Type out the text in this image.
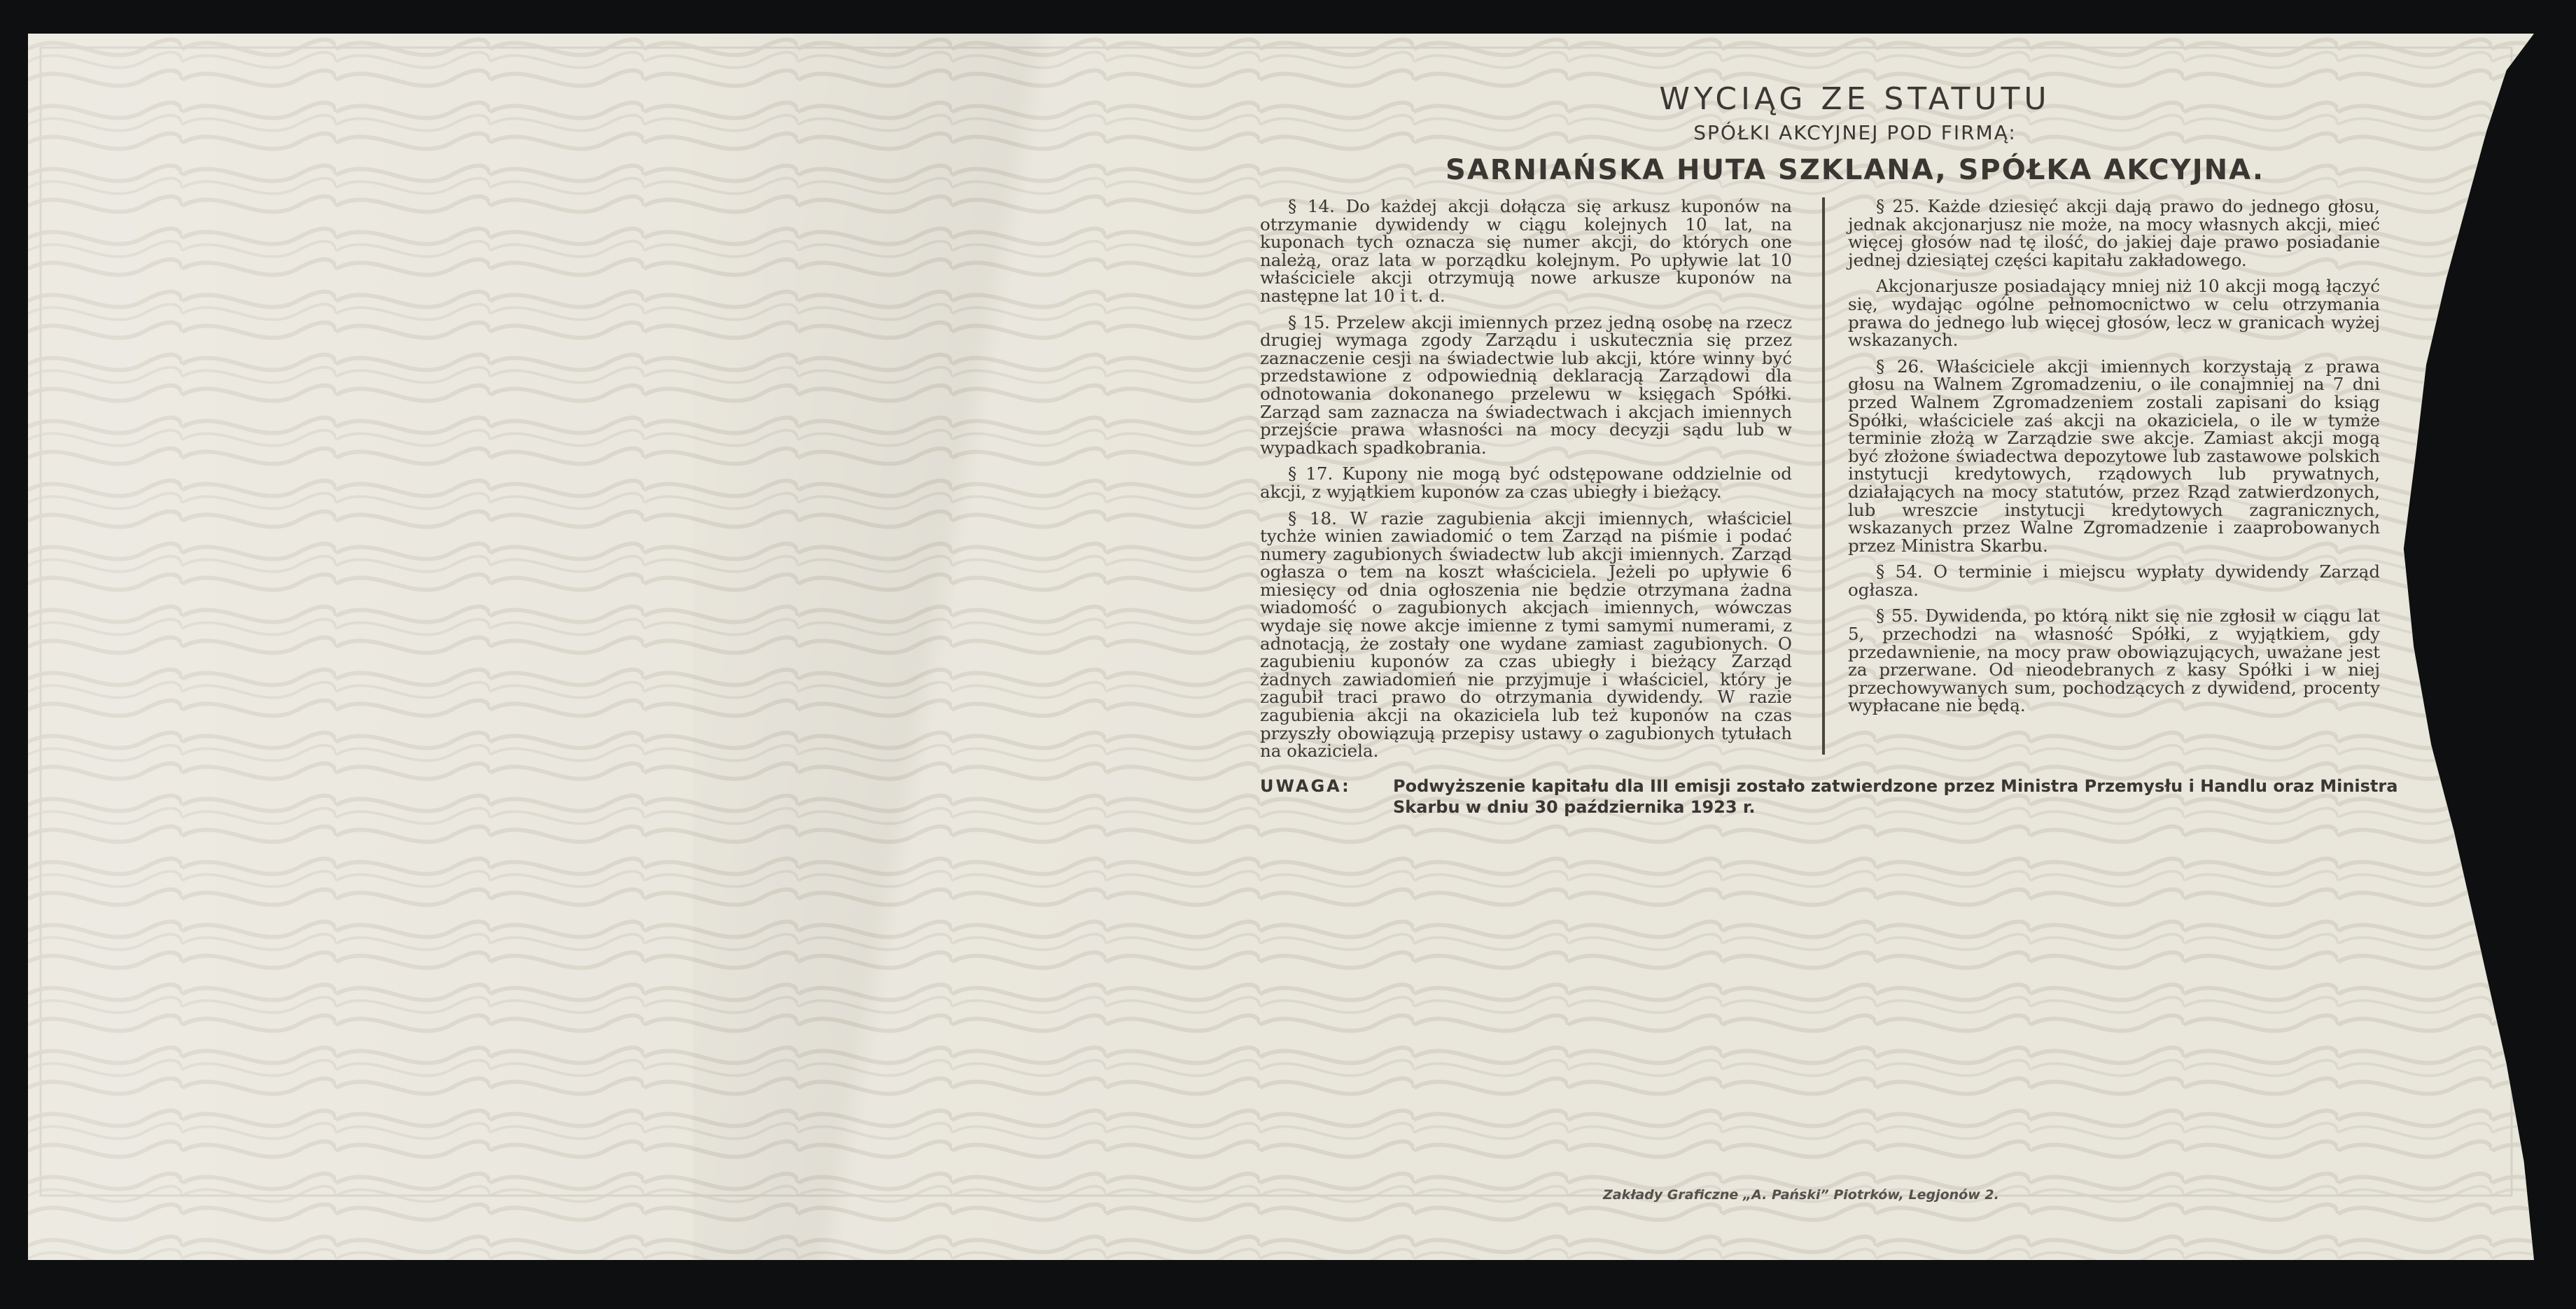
WYCIĄG ZE STATUTU
SPÓŁKI AKCYJNEJ POD FIRMĄ:
SARNIAŃSKA HUTA SZKLANA, SPÓŁKA AKCYJNA.

§ 14. Do każdej akcji dołącza się arkusz kuponów na otrzymanie dywidendy w ciągu kolejnych 10 lat, na kuponach tych oznacza się numer akcji, do których one należą, oraz lata w porządku kolejnym. Po upływie lat 10 właściciele akcji otrzymują nowe arkusze kuponów na następne lat 10 i t. d.

§ 15. Przelew akcji imiennych przez jedną osobę na rzecz drugiej wymaga zgody Zarządu i uskutecznia się przez zaznaczenie cesji na świadectwie lub akcji, które winny być przedstawione z odpowiednią deklaracją Zarządowi dla odnotowania dokonanego przelewu w księgach Spółki. Zarząd sam zaznacza na świadectwach i akcjach imiennych przejście prawa własności na mocy decyzji sądu lub w wypadkach spadkobrania.

§ 17. Kupony nie mogą być odstępowane oddzielnie od akcji, z wyjątkiem kuponów za czas ubiegły i bieżący.

§ 18. W razie zagubienia akcji imiennych, właściciel tychże winien zawiadomić o tem Zarząd na piśmie i podać numery zagubionych świadectw lub akcji imiennych. Zarząd ogłasza o tem na koszt właściciela. Jeżeli po upływie 6 miesięcy od dnia ogłoszenia nie będzie otrzymana żadna wiadomość o zagubionych akcjach imiennych, wówczas wydaje się nowe akcje imienne z tymi samymi numerami, z adnotacją, że zostały one wydane zamiast zagubionych. O zagubieniu kuponów za czas ubiegły i bieżący Zarząd żadnych zawiadomień nie przyjmuje i właściciel, który je zagubił traci prawo do otrzymania dywidendy. W razie zagubienia akcji na okaziciela lub też kuponów na czas przyszły obowiązują przepisy ustawy o zagubionych tytułach na okaziciela.

§ 25. Każde dziesięć akcji dają prawo do jednego głosu, jednak akcjonarjusz nie może, na mocy własnych akcji, mieć więcej głosów nad tę ilość, do jakiej daje prawo posiadanie jednej dziesiątej części kapitału zakładowego.

Akcjonarjusze posiadający mniej niż 10 akcji mogą łączyć się, wydając ogólne pełnomocnictwo w celu otrzymania prawa do jednego lub więcej głosów, lecz w granicach wyżej wskazanych.

§ 26. Właściciele akcji imiennych korzystają z prawa głosu na Walnem Zgromadzeniu, o ile conajmniej na 7 dni przed Walnem Zgromadzeniem zostali zapisani do ksiąg Spółki, właściciele zaś akcji na okaziciela, o ile w tymże terminie złożą w Zarządzie swe akcje. Zamiast akcji mogą być złożone świadectwa depozytowe lub zastawowe polskich instytucji kredytowych, rządowych lub prywatnych, działających na mocy statutów, przez Rząd zatwierdzonych, lub wreszcie instytucji kredytowych zagranicznych, wskazanych przez Walne Zgromadzenie i zaaprobowanych przez Ministra Skarbu.

§ 54. O terminie i miejscu wypłaty dywidendy Zarząd ogłasza.

§ 55. Dywidenda, po którą nikt się nie zgłosił w ciągu lat 5, przechodzi na własność Spółki, z wyjątkiem, gdy przedawnienie, na mocy praw obowiązujących, uważane jest za przerwane. Od nieodebranych z kasy Spółki i w niej przechowywanych sum, pochodzących z dywidend, procenty wypłacane nie będą.

UWAGA:	Podwyższenie kapitału dla III emisji zostało zatwierdzone przez Ministra Przemysłu i Handlu oraz Ministra Skarbu w dniu 30 października 1923 r.
Zakłady Graficzne „A. Pański” Piotrków, Legjonów 2.
